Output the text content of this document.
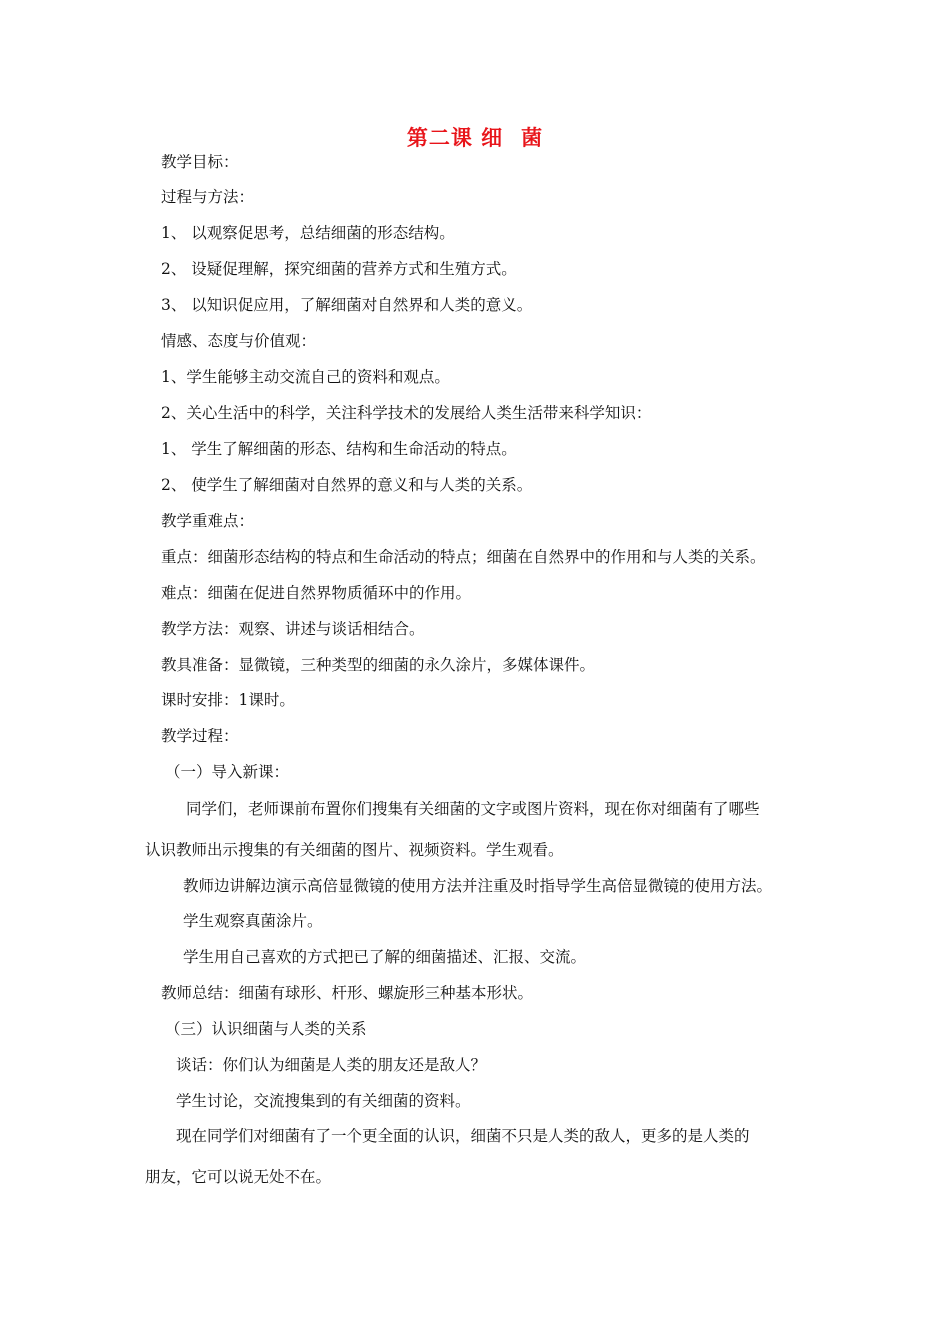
第二课 细 菌
教学目标：
过程与方法：
1、 以观察促思考，总结细菌的形态结构。
2、 设疑促理解，探究细菌的营养方式和生殖方式。
3、 以知识促应用，了解细菌对自然界和人类的意义。
情感、态度与价值观：
1、学生能够主动交流自己的资料和观点。
2、关心生活中的科学，关注科学技术的发展给人类生活带来科学知识：
1、 学生了解细菌的形态、结构和生命活动的特点。
2、 使学生了解细菌对自然界的意义和与人类的关系。
教学重难点：
重点：细菌形态结构的特点和生命活动的特点；细菌在自然界中的作用和与人类的关系。
难点：细菌在促进自然界物质循环中的作用。
教学方法：观察、讲述与谈话相结合。
教具准备：显微镜，三种类型的细菌的永久涂片，多媒体课件。
课时安排：1课时。
教学过程：
（一）导入新课：
同学们，老师课前布置你们搜集有关细菌的文字或图片资料，现在你对细菌有了哪些
认识教师出示搜集的有关细菌的图片、视频资料。学生观看。
教师边讲解边演示高倍显微镜的使用方法并注重及时指导学生高倍显微镜的使用方法。
学生观察真菌涂片。
学生用自己喜欢的方式把已了解的细菌描述、汇报、交流。
教师总结：细菌有球形、杆形、螺旋形三种基本形状。
（三）认识细菌与人类的关系
谈话：你们认为细菌是人类的朋友还是敌人？
学生讨论，交流搜集到的有关细菌的资料。
现在同学们对细菌有了一个更全面的认识，细菌不只是人类的敌人，更多的是人类的
朋友，它可以说无处不在。
